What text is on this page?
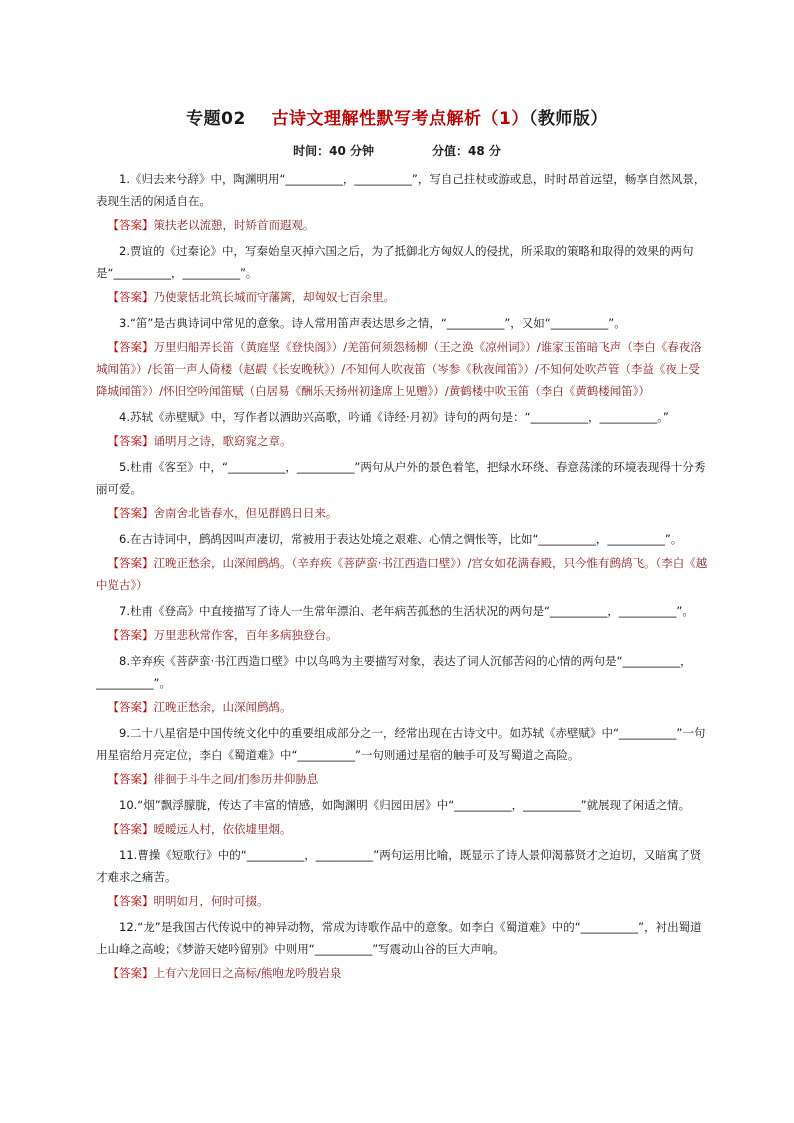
专题02 古诗文理解性默写考点解析（1）（教师版）
时间：40 分钟	分值：48 分

1.《归去来兮辞》中，陶渊明用“__________，__________”，写自己拄杖或游或息，时时昂首远望，畅享自然风景，表现生活的闲适自在。

【答案】策扶老以流憩，时矫首而遐观。

2.贾谊的《过秦论》中，写秦始皇灭掉六国之后，为了抵御北方匈奴人的侵扰，所采取的策略和取得的效果的两句是“__________，__________”。

【答案】乃使蒙恬北筑长城而守藩篱，却匈奴七百余里。

3.“笛”是古典诗词中常见的意象。诗人常用笛声表达思乡之情，“__________”，又如“__________”。

【答案】万里归船弄长笛（黄庭坚《登快阁》）/羌笛何须怨杨柳（王之涣《凉州词》）/谁家玉笛暗飞声（李白《春夜洛城闻笛》）/长笛一声人倚楼（赵嘏《长安晚秋》）/不知何人吹夜笛（岑参《秋夜闻笛》）/不知何处吹芦管（李益《夜上受降城闻笛》）/怀旧空吟闻笛赋（白居易《酬乐天扬州初逢席上见赠》）/黄鹤楼中吹玉笛（李白《黄鹤楼闻笛》）

4.苏轼《赤壁赋》中，写作者以酒助兴高歌，吟诵《诗经·月初》诗句的两句是：“__________，__________。”

【答案】诵明月之诗，歌窈窕之章。

5.杜甫《客至》中，“__________，__________”两句从户外的景色着笔，把绿水环绕、春意荡漾的环境表现得十分秀丽可爱。

【答案】舍南舍北皆春水，但见群鸥日日来。

6.在古诗词中，鹧鸪因叫声凄切，常被用于表达处境之艰难、心情之惆怅等，比如“__________，__________”。

【答案】江晚正愁余，山深闻鹧鸪。（辛弃疾《菩萨蛮·书江西造口壁》）/宫女如花满春殿，只今惟有鹧鸪飞。（李白《越中览古》）

7.杜甫《登高》中直接描写了诗人一生常年漂泊、老年病苦孤愁的生活状况的两句是“__________，__________”。

【答案】万里悲秋常作客，百年多病独登台。

8.辛弃疾《菩萨蛮·书江西造口壁》中以鸟鸣为主要描写对象，表达了词人沉郁苦闷的心情的两句是“__________，__________”。

【答案】江晚正愁余，山深闻鹧鸪。

9.二十八星宿是中国传统文化中的重要组成部分之一，经常出现在古诗文中。如苏轼《赤壁赋》中“__________”一句用星宿给月亮定位，李白《蜀道难》中“__________”一句则通过星宿的触手可及写蜀道之高险。

【答案】徘徊于斗牛之间/扪参历井仰胁息

10.“烟”飘浮朦胧，传达了丰富的情感，如陶渊明《归园田居》中“__________，__________”就展现了闲适之情。

【答案】暧暧远人村，依依墟里烟。

11.曹操《短歌行》中的“__________，__________”两句运用比喻，既显示了诗人景仰渴慕贤才之迫切，又暗寓了贤才难求之痛苦。

【答案】明明如月，何时可掇。

12.“龙”是我国古代传说中的神异动物，常成为诗歌作品中的意象。如李白《蜀道难》中的“__________”，衬出蜀道上山峰之高峻；《梦游天姥吟留别》中则用“__________”写震动山谷的巨大声响。

【答案】上有六龙回日之高标/熊咆龙吟殷岩泉
